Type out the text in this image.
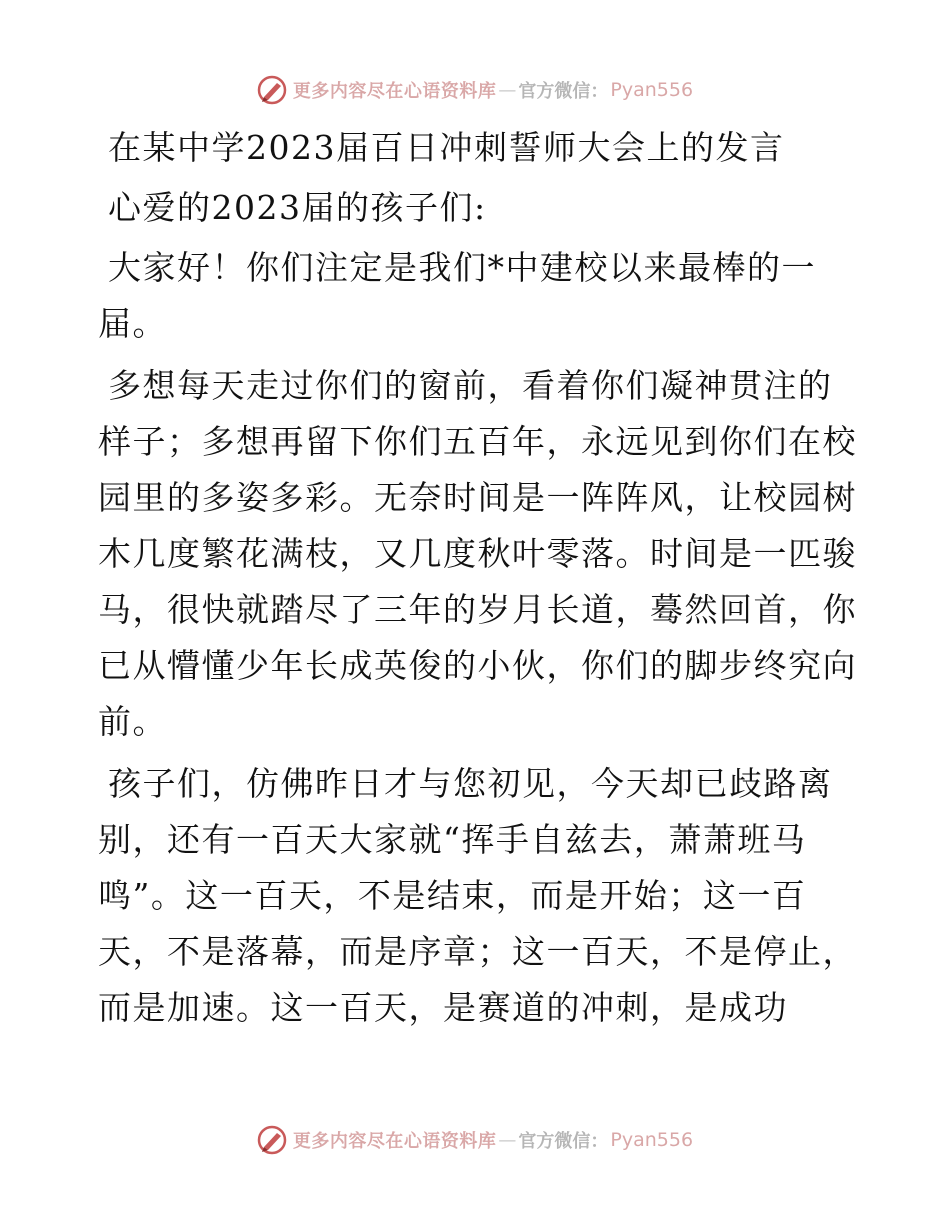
更多内容尽在心语资料库 — 官方微信： Pyan556

在某中学2023届百日冲刺誓师大会上的发言

心爱的2023届的孩子们:

大家好！你们注定是我们*中建校以来最棒的一

届。

多想每天走过你们的窗前，看着你们凝神贯注的

样子；多想再留下你们五百年，永远见到你们在校

园里的多姿多彩。无奈时间是一阵阵风，让校园树

木几度繁花满枝，又几度秋叶零落。时间是一匹骏

马，很快就踏尽了三年的岁月长道，蓦然回首，你

已从懵懂少年长成英俊的小伙，你们的脚步终究向

前。

孩子们，仿佛昨日才与您初见，今天却已歧路离

别，还有一百天大家就“挥手自兹去，萧萧班马

鸣”。这一百天，不是结束，而是开始；这一百

天，不是落幕，而是序章；这一百天，不是停止，

而是加速。这一百天，是赛道的冲刺，是成功

更多内容尽在心语资料库 — 官方微信： Pyan556
